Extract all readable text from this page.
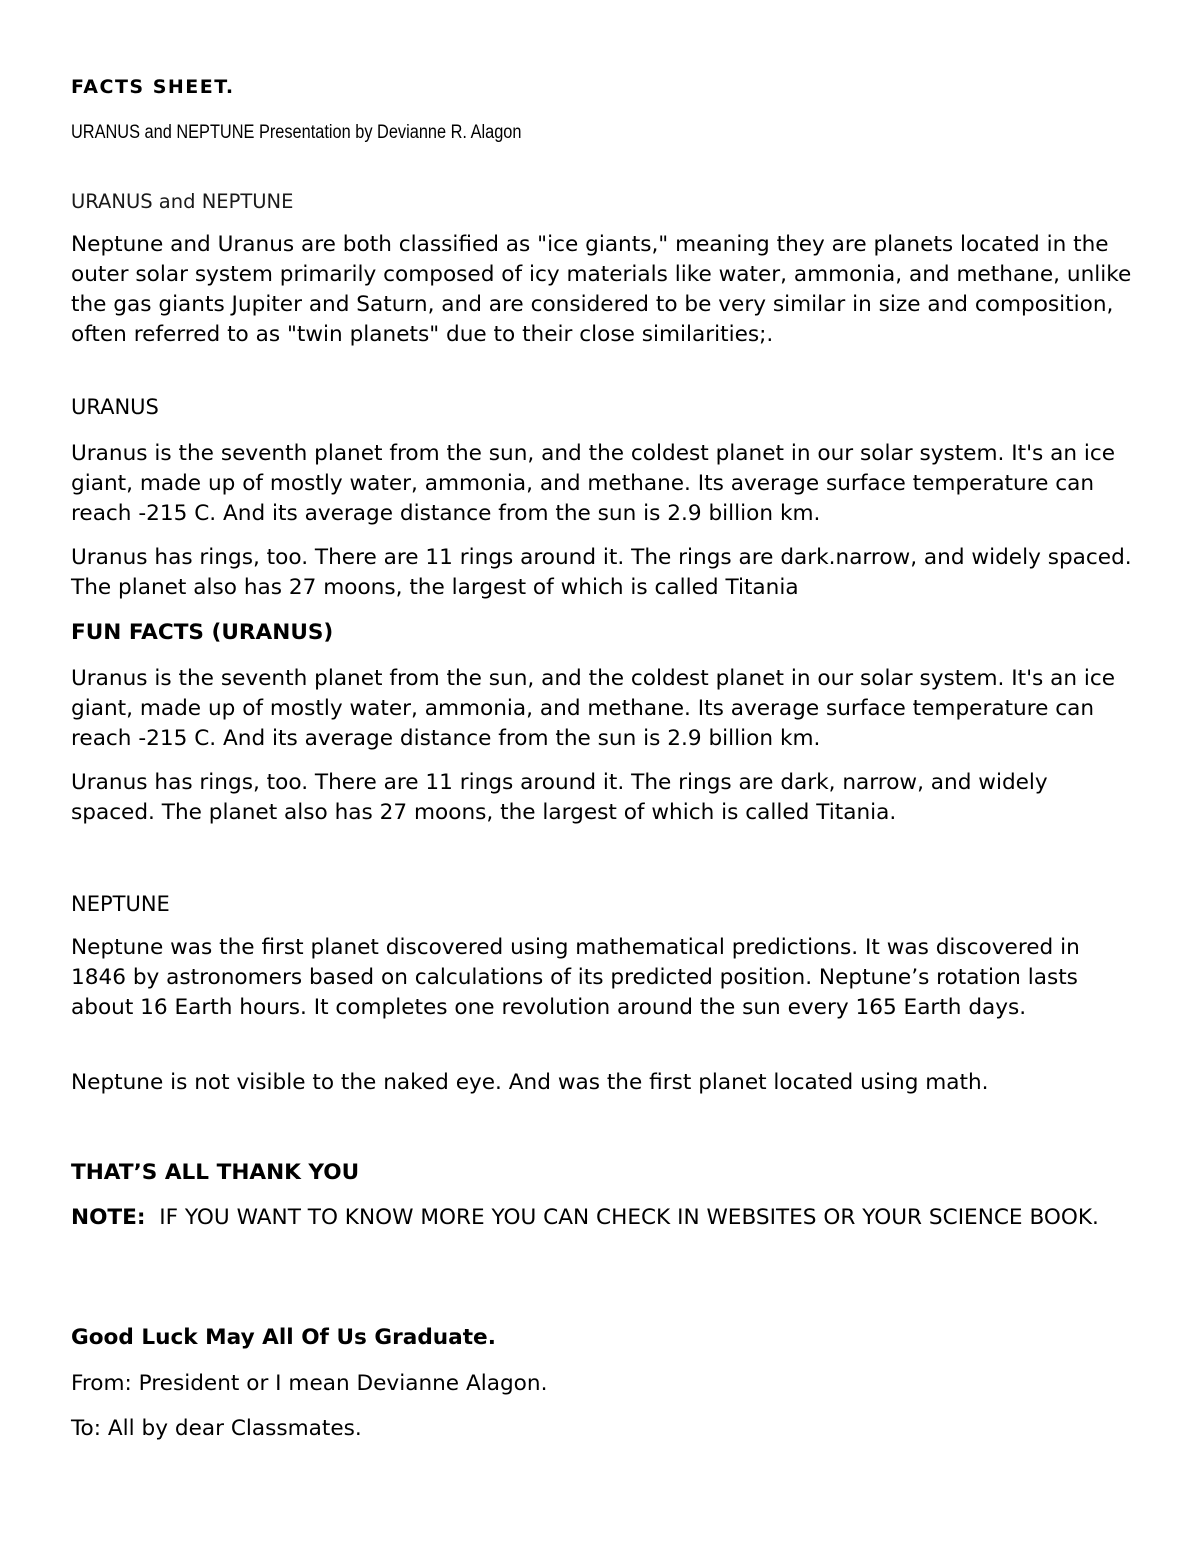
FACTS SHEET.
URANUS and NEPTUNE Presentation by Devianne R. Alagon
URANUS and NEPTUNE

Neptune and Uranus are both classified as "ice giants," meaning they are planets located in the outer solar system primarily composed of icy materials like water, ammonia, and methane, unlike the gas giants Jupiter and Saturn, and are considered to be very similar in size and composition, often referred to as "twin planets" due to their close similarities;.

URANUS

Uranus is the seventh planet from the sun, and the coldest planet in our solar system. It's an ice giant, made up of mostly water, ammonia, and methane. Its average surface temperature can reach -215 C. And its average distance from the sun is 2.9 billion km.

Uranus has rings, too. There are 11 rings around it. The rings are dark.narrow, and widely spaced. The planet also has 27 moons, the largest of which is called Titania

FUN FACTS (URANUS)

Uranus is the seventh planet from the sun, and the coldest planet in our solar system. It's an ice giant, made up of mostly water, ammonia, and methane. Its average surface temperature can reach -215 C. And its average distance from the sun is 2.9 billion km.

Uranus has rings, too. There are 11 rings around it. The rings are dark, narrow, and widely spaced. The planet also has 27 moons, the largest of which is called Titania.

NEPTUNE

Neptune was the first planet discovered using mathematical predictions. It was discovered in 1846 by astronomers based on calculations of its predicted position. Neptune’s rotation lasts about 16 Earth hours. It completes one revolution around the sun every 165 Earth days.

Neptune is not visible to the naked eye. And was the first planet located using math.

THAT’S ALL THANK YOU

NOTE:  IF YOU WANT TO KNOW MORE YOU CAN CHECK IN WEBSITES OR YOUR SCIENCE BOOK.

Good Luck May All Of Us Graduate.
From: President or I mean Devianne Alagon.
To: All by dear Classmates.
